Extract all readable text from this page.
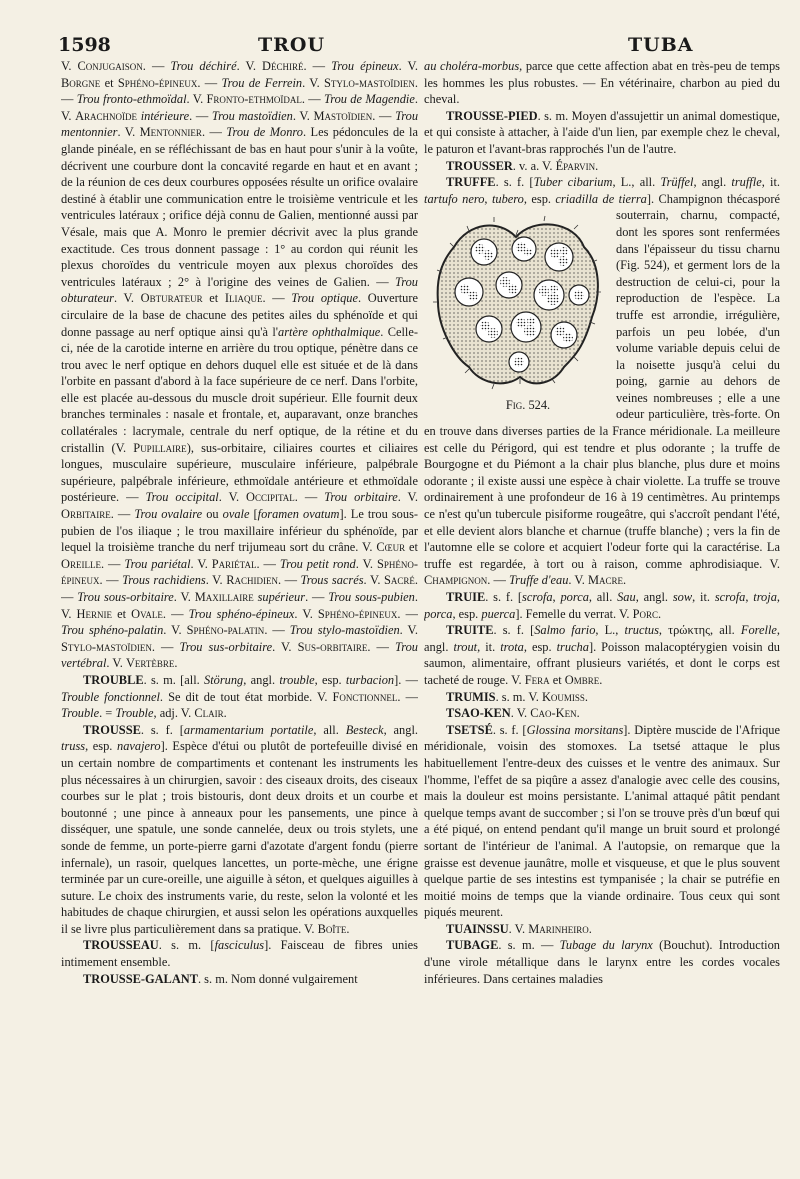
1598	TROU	TUBA

V. Conjugaison. — Trou déchiré. V. Déchiré. — Trou épineux. V. Borgne et Sphéno-épineux. — Trou de Ferrein. V. Stylo-mastoïdien. — Trou fronto-ethmoïdal. V. Fronto-ethmoïdal. — Trou de Magendie. V. Arachnoïde intérieure. — Trou mastoïdien. V. Mastoïdien. — Trou mentonnier. V. Mentonnier. — Trou de Monro. Les pédoncules de la glande pinéale, en se réfléchissant de bas en haut pour s'unir à la voûte, décrivent une courbure dont la concavité regarde en haut et en avant ; de la réunion de ces deux courbures opposées résulte un orifice ovalaire destiné à établir une communication entre le troisième ventricule et les ventricules latéraux ; orifice déjà connu de Galien, mentionné aussi par Vésale, mais que A. Monro le premier décrivit avec la plus grande exactitude. Ces trous donnent passage : 1° au cordon qui réunit les plexus choroïdes du ventricule moyen aux plexus choroïdes des ventricules latéraux ; 2° à l'origine des veines de Galien. — Trou obturateur. V. Obturateur et Iliaque. — Trou optique. Ouverture circulaire de la base de chacune des petites ailes du sphénoïde et qui donne passage au nerf optique ainsi qu'à l'artère ophthalmique. Celle-ci, née de la carotide interne en arrière du trou optique, pénètre dans ce trou avec le nerf optique en dehors duquel elle est située et de là dans l'orbite en passant d'abord à la face supérieure de ce nerf. Dans l'orbite, elle est placée au-dessous du muscle droit supérieur. Elle fournit deux branches terminales : nasale et frontale, et, auparavant, onze branches collatérales : lacrymale, centrale du nerf optique, de la rétine et du cristallin (V. Pupillaire), sus-orbitaire, ciliaires courtes et ciliaires longues, musculaire supérieure, musculaire inférieure, palpébrale supérieure, palpébrale inférieure, ethmoïdale antérieure et ethmoïdale postérieure. — Trou occipital. V. Occipital. — Trou orbitaire. V. Orbitaire. — Trou ovalaire ou ovale [foramen ovatum]. Le trou sous-pubien de l'os iliaque ; le trou maxillaire inférieur du sphénoïde, par lequel la troisième tranche du nerf trijumeau sort du crâne. V. Cœur et Oreille. — Trou pariétal. V. Pariétal. — Trou petit rond. V. Sphéno-épineux. — Trous rachidiens. V. Rachidien. — Trous sacrés. V. Sacré. — Trou sous-orbitaire. V. Maxillaire supérieur. — Trou sous-pubien. V. Hernie et Ovale. — Trou sphéno-épineux. V. Sphéno-épineux. — Trou sphéno-palatin. V. Sphéno-palatin. — Trou stylo-mastoïdien. V. Stylo-mastoïdien. — Trou sus-orbitaire. V. Sus-orbitaire. — Trou vertébral. V. Vertèbre.

TROUBLE. s. m. [all. Störung, angl. trouble, esp. turbacion]. — Trouble fonctionnel. Se dit de tout état morbide. V. Fonctionnel. — Trouble. = Trouble, adj. V. Clair.

TROUSSE. s. f. [armamentarium portatile, all. Besteck, angl. truss, esp. navajero]. Espèce d'étui ou plutôt de portefeuille divisé en un certain nombre de compartiments et contenant les instruments les plus nécessaires à un chirurgien, savoir : des ciseaux droits, des ciseaux courbes sur le plat ; trois bistouris, dont deux droits et un courbe et boutonné ; une pince à anneaux pour les pansements, une pince à disséquer, une spatule, une sonde cannelée, deux ou trois stylets, une sonde de femme, un porte-pierre garni d'azotate d'argent fondu (pierre infernale), un rasoir, quelques lancettes, un porte-mèche, une érigne terminée par un cure-oreille, une aiguille à séton, et quelques aiguilles à suture. Le choix des instruments varie, du reste, selon la volonté et les habitudes de chaque chirurgien, et aussi selon les opérations auxquelles il se livre plus particulièrement dans sa pratique. V. Boîte.

TROUSSEAU. s. m. [fasciculus]. Faisceau de fibres unies intimement ensemble.

TROUSSE-GALANT. s. m. Nom donné vulgairement

au choléra-morbus, parce que cette affection abat en très-peu de temps les hommes les plus robustes. — En vétérinaire, charbon au pied du cheval.

TROUSSE-PIED. s. m. Moyen d'assujettir un animal domestique, et qui consiste à attacher, à l'aide d'un lien, par exemple chez le cheval, le paturon et l'avant-bras rapprochés l'un de l'autre.

TROUSSER. v. a. V. Éparvin.

TRUFFE. s. f. [Tuber cibarium, L., all. Trüffel, angl. truffle, it. tartufo nero, tubero, esp. criadilla de tierra
Fig. 524.
]. Champignon thécasporé souterrain, charnu, compacté, dont les spores sont renfermées dans l'épaisseur du tissu charnu (Fig. 524), et germent lors de la destruction de celui-ci, pour la reproduction de l'espèce. La truffe est arrondie, irrégulière, parfois un peu lobée, d'un volume variable depuis celui de la noisette jusqu'à celui du poing, garnie au dehors de veines nombreuses ; elle a une odeur particulière, très-forte. On en trouve dans diverses parties de la France méridionale. La meilleure est celle du Périgord, qui est tendre et plus odorante ; la truffe de Bourgogne et du Piémont a la chair plus blanche, plus dure et moins odorante ; il existe aussi une espèce à chair violette. La truffe se trouve ordinairement à une profondeur de 16 à 19 centimètres. Au printemps ce n'est qu'un tubercule pisiforme rougeâtre, qui s'accroît pendant l'été, et elle devient alors blanche et charnue (truffe blanche) ; vers la fin de l'automne elle se colore et acquiert l'odeur forte qui la caractérise. La truffe est regardée, à tort ou à raison, comme aphrodisiaque. V. Champignon. — Truffe d'eau. V. Macre.

TRUIE. s. f. [scrofa, porca, all. Sau, angl. sow, it. scrofa, troja, porca, esp. puerca]. Femelle du verrat. V. Porc.

TRUITE. s. f. [Salmo fario, L., tructus, τρώκτης, all. Forelle, angl. trout, it. trota, esp. trucha]. Poisson malacoptérygien voisin du saumon, alimentaire, offrant plusieurs variétés, et dont le corps est tacheté de rouge. V. Fera et Ombre.

TRUMIS. s. m. V. Koumiss.

TSAO-KEN. V. Cao-Ken.

TSETSÉ. s. f. [Glossina morsitans]. Diptère muscide de l'Afrique méridionale, voisin des stomoxes. La tsetsé attaque le plus habituellement l'entre-deux des cuisses et le ventre des animaux. Sur l'homme, l'effet de sa piqûre a assez d'analogie avec celle des cousins, mais la douleur est moins persistante. L'animal attaqué pâtit pendant quelque temps avant de succomber ; si l'on se trouve près d'un bœuf qui a été piqué, on entend pendant qu'il mange un bruit sourd et prolongé sortant de l'intérieur de l'animal. A l'autopsie, on remarque que la graisse est devenue jaunâtre, molle et visqueuse, et que le plus souvent quelque partie de ses intestins est tympanisée ; la chair se putréfie en moitié moins de temps que la viande ordinaire. Tous ceux qui sont piqués meurent.

TUAINSSU. V. Marinheiro.

TUBAGE. s. m. — Tubage du larynx (Bouchut). Introduction d'une virole métallique dans le larynx entre les cordes vocales inférieures. Dans certaines maladies
